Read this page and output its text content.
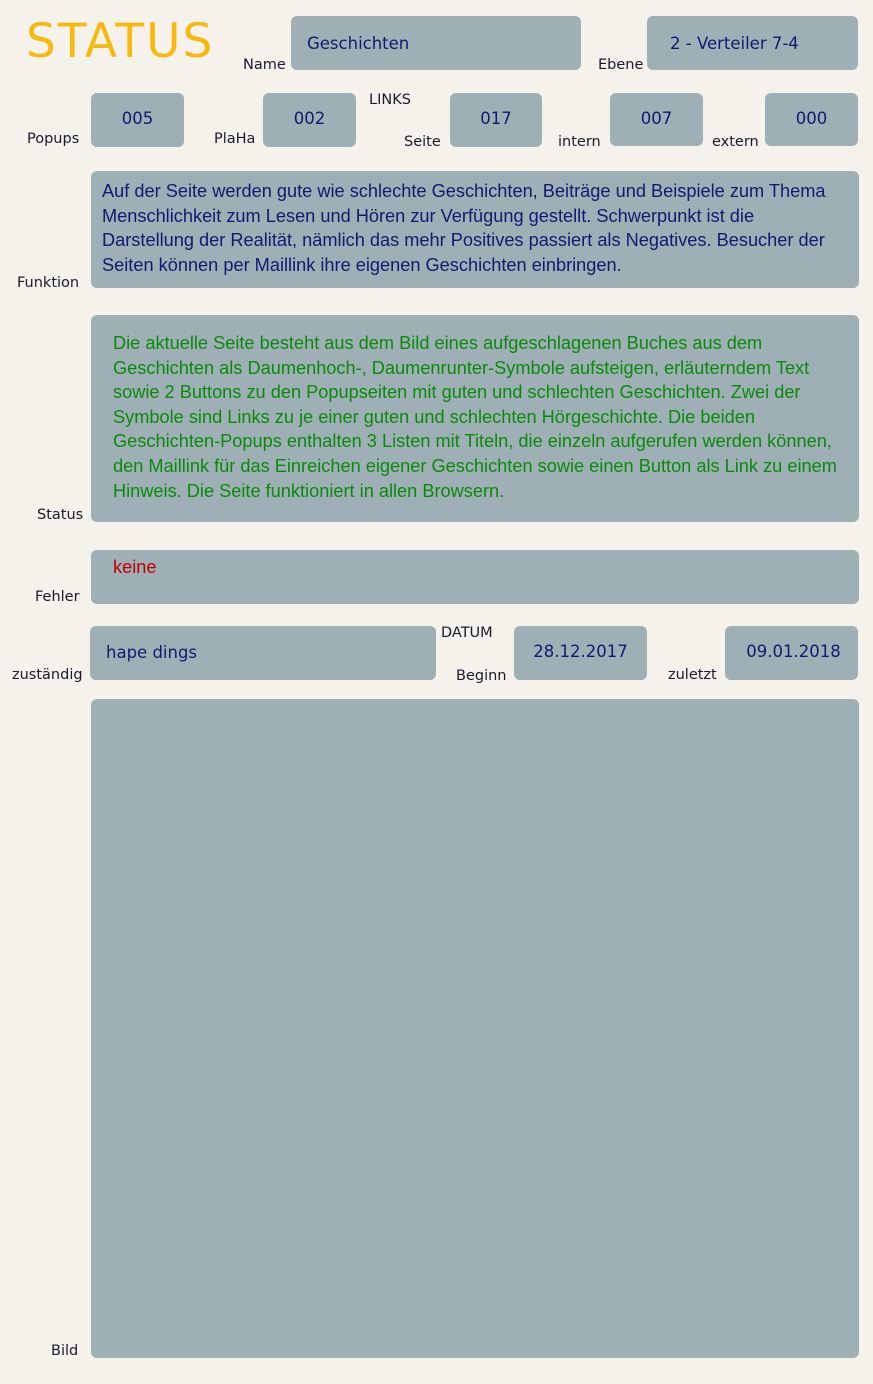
STATUS Name
Geschichten
Ebene
2 - Verteiler 7-4
Popups
005
PlaHa
002
LINKS
Seite
017
intern
007
extern
000
Funktion
Auf der Seite werden gute wie schlechte Geschichten, Beiträge und Beispiele zum Thema Menschlichkeit zum Lesen und Hören zur Verfügung gestellt. Schwerpunkt ist die Darstellung der Realität, nämlich das mehr Positives passiert als Negatives. Besucher der Seiten können per Maillink ihre eigenen Geschichten einbringen.
Status
Die aktuelle Seite besteht aus dem Bild eines aufgeschlagenen Buches aus dem Geschichten als Daumenhoch-, Daumenrunter-Symbole aufsteigen, erläuterndem Text sowie 2 Buttons zu den Popupseiten mit guten und schlechten Geschichten. Zwei der Symbole sind Links zu je einer guten und schlechten Hörgeschichte. Die beiden Geschichten-Popups enthalten 3 Listen mit Titeln, die einzeln aufgerufen werden können, den Maillink für das Einreichen eigener Geschichten sowie einen Button als Link zu einem Hinweis. Die Seite funktioniert in allen Browsern.
Fehler
keine
zuständig
hape dings
DATUM
Beginn
28.12.2017
zuletzt
09.01.2018
Bild
